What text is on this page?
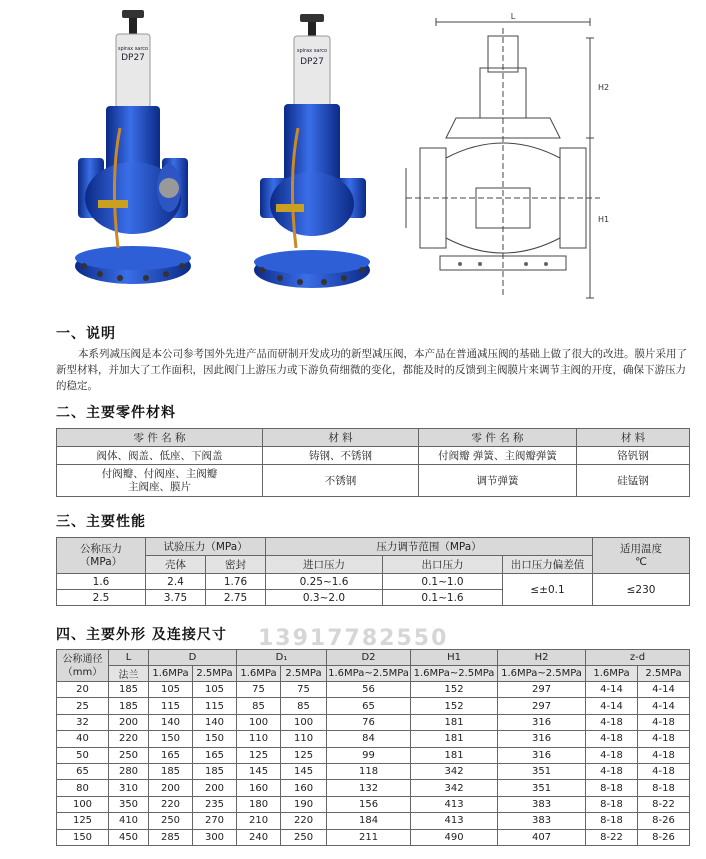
DP27
spirax sarco
DP27
spirax sarco
L
H2
H1
一、说明
本系列减压阀是本公司参考国外先进产品而研制开发成功的新型减压阀，本产品在普通减压阀的基础上做了很大的改进。膜片采用了新型材料，并加大了工作面积，因此阀门上游压力或下游负荷细微的变化，都能及时的反馈到主阀膜片来调节主阀的开度，确保下游压力的稳定。
二、主要零件材料
零 件 名 称	材 料	零 件 名 称	材 料
阀体、阀盖、低座、下阀盖	铸钢、不锈钢	付阀瓣 弹簧、主阀瓣弹簧	铬钒钢
付阀瓣、付阀座、主阀瓣
主阀座、膜片	不锈钢	调节弹簧	硅锰钢
三、主要性能
公称压力
（MPa）	试验压力（MPa）		压力调节范围（MPa）			适用温度
℃
	壳体	密封	进口压力	出口压力	出口压力偏差值	
1.6	2.4	1.76	0.25~1.6	0.1~1.0	≤±0.1	≤230
2.5	3.75	2.75	0.3~2.0	0.1~1.6		
四、主要外形 及连接尺寸
公称通径
（mm）	L	D		D₁		D2	H1	H2	z-d	
	法兰	1.6MPa	2.5MPa	1.6MPa	2.5MPa	1.6MPa~2.5MPa	1.6MPa~2.5MPa	1.6MPa~2.5MPa	1.6MPa	2.5MPa
20	185	105	105	75	75	56	152	297	4-14	4-14
25	185	115	115	85	85	65	152	297	4-14	4-14
32	200	140	140	100	100	76	181	316	4-18	4-18
40	220	150	150	110	110	84	181	316	4-18	4-18
50	250	165	165	125	125	99	181	316	4-18	4-18
65	280	185	185	145	145	118	342	351	4-18	4-18
80	310	200	200	160	160	132	342	351	8-18	8-18
100	350	220	235	180	190	156	413	383	8-18	8-22
125	410	250	270	210	220	184	413	383	8-18	8-26
150	450	285	300	240	250	211	490	407	8-22	8-26
13917782550
